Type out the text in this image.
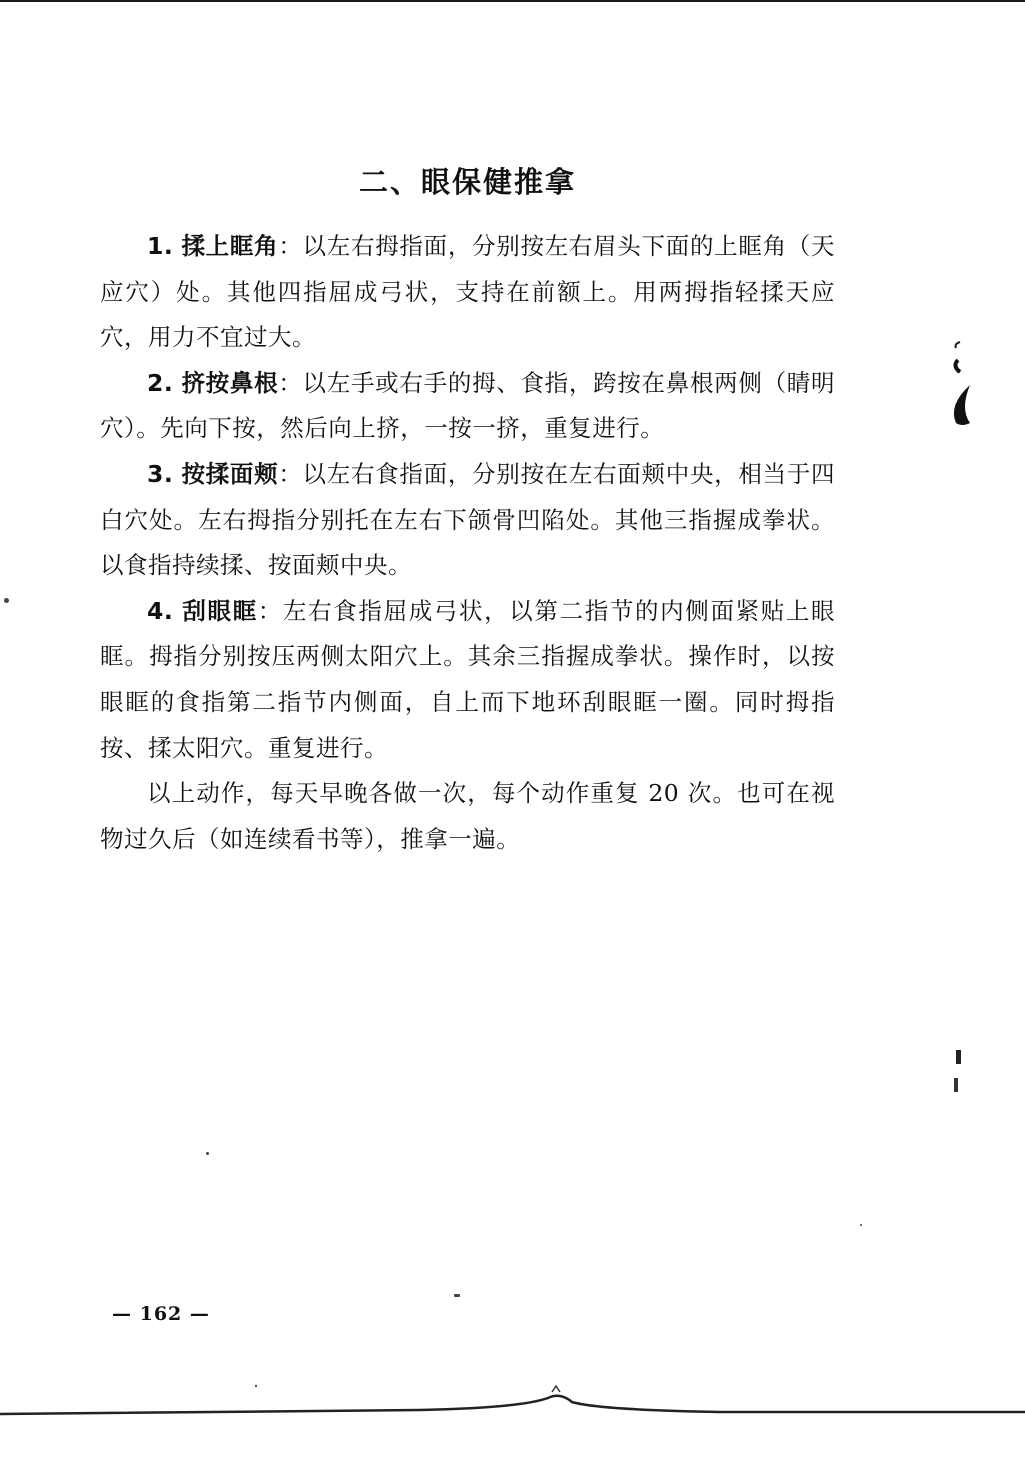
二、眼保健推拿

1. 揉上眶角：以左右拇指面，分别按左右眉头下面的上眶角（天应穴）处。其他四指屈成弓状，支持在前额上。用两拇指轻揉天应穴，用力不宜过大。

2. 挤按鼻根：以左手或右手的拇、食指，跨按在鼻根两侧（睛明穴）。先向下按，然后向上挤，一按一挤，重复进行。

3. 按揉面颊：以左右食指面，分别按在左右面颊中央，相当于四白穴处。左右拇指分别托在左右下颌骨凹陷处。其他三指握成拳状。以食指持续揉、按面颊中央。

4. 刮眼眶：左右食指屈成弓状，以第二指节的内侧面紧贴上眼眶。拇指分别按压两侧太阳穴上。其余三指握成拳状。操作时，以按眼眶的食指第二指节内侧面，自上而下地环刮眼眶一圈。同时拇指按、揉太阳穴。重复进行。

以上动作，每天早晚各做一次，每个动作重复 20 次。也可在视物过久后（如连续看书等），推拿一遍。

— 162 —
